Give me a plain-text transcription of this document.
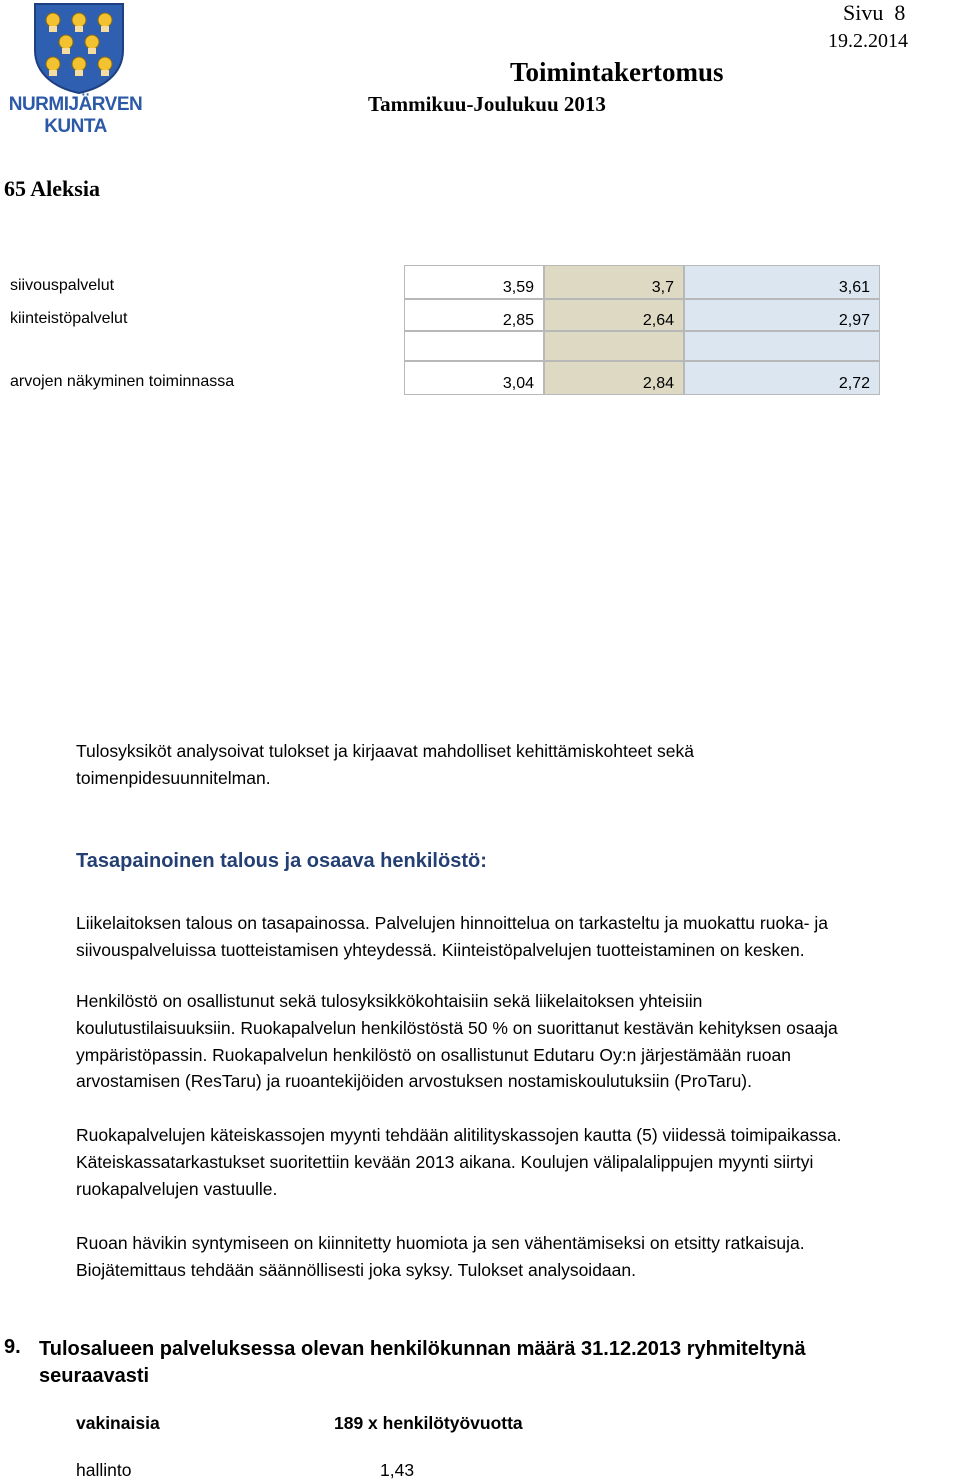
NURMIJÄRVEN
KUNTA
Toimintakertomus
Tammikuu-Joulukuu 2013
Sivu  8
19.2.2014
65 Aleksia
siivouspalvelut	3,59	3,7	3,61
kiinteistöpalvelut	2,85	2,64	2,97
arvojen näkyminen toiminnassa	3,04	2,84	2,72
Tulosyksiköt analysoivat tulokset ja kirjaavat mahdolliset kehittämiskohteet sekä
toimenpidesuunnitelman.
Tasapainoinen talous ja osaava henkilöstö:
Liikelaitoksen talous on tasapainossa. Palvelujen hinnoittelua on tarkasteltu ja muokattu ruoka- ja
siivouspalveluissa tuotteistamisen yhteydessä. Kiinteistöpalvelujen tuotteistaminen on kesken.
Henkilöstö on osallistunut sekä tulosyksikkökohtaisiin sekä liikelaitoksen yhteisiin
koulutustilaisuuksiin. Ruokapalvelun henkilöstöstä 50 % on suorittanut kestävän kehityksen osaaja
ympäristöpassin. Ruokapalvelun henkilöstö on osallistunut Edutaru Oy:n järjestämään ruoan
arvostamisen (ResTaru) ja ruoantekijöiden arvostuksen nostamiskoulutuksiin (ProTaru).
Ruokapalvelujen käteiskassojen myynti tehdään alitilityskassojen kautta (5) viidessä toimipaikassa.
Käteiskassatarkastukset suoritettiin kevään 2013 aikana. Koulujen välipalalippujen myynti siirtyi
ruokapalvelujen vastuulle.
Ruoan hävikin syntymiseen on kiinnitetty huomiota ja sen vähentämiseksi on etsitty ratkaisuja.
Biojätemittaus tehdään säännöllisesti joka syksy. Tulokset analysoidaan.
9. Tulosalueen palveluksessa olevan henkilökunnan määrä 31.12.2013 ryhmiteltynä
seuraavasti
vakinaisia	189 x henkilötyövuotta
hallinto	1,43
